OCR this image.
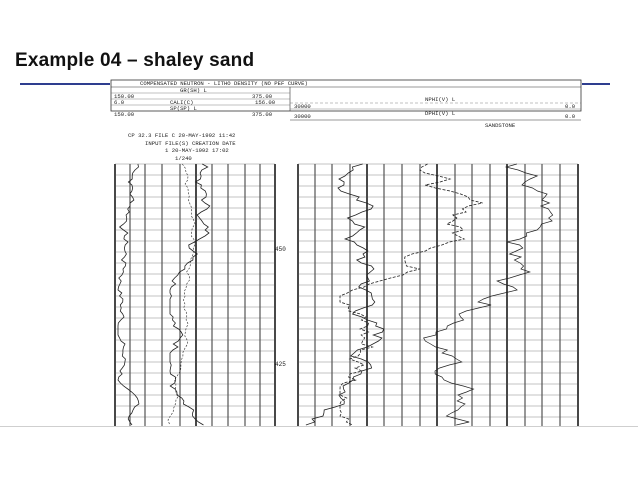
Example 04 – shaley sand
COMPENSATED NEUTRON - LITHO DENSITY (NO PEF CURVE)
GR(SH) L
150.00	375.00
CALI(C)
6.0	156.00
SP(SP) L
150.00	375.00
NPHI(V) L
30000	0.0
DPHI(V) L
30000	0.0
SANDSTONE
CP 32.3 FILE C 20-MAY-1992 11:42
INPUT FILE(S) CREATION DATE
1 20-MAY-1992 17:02
1/240
450
425
